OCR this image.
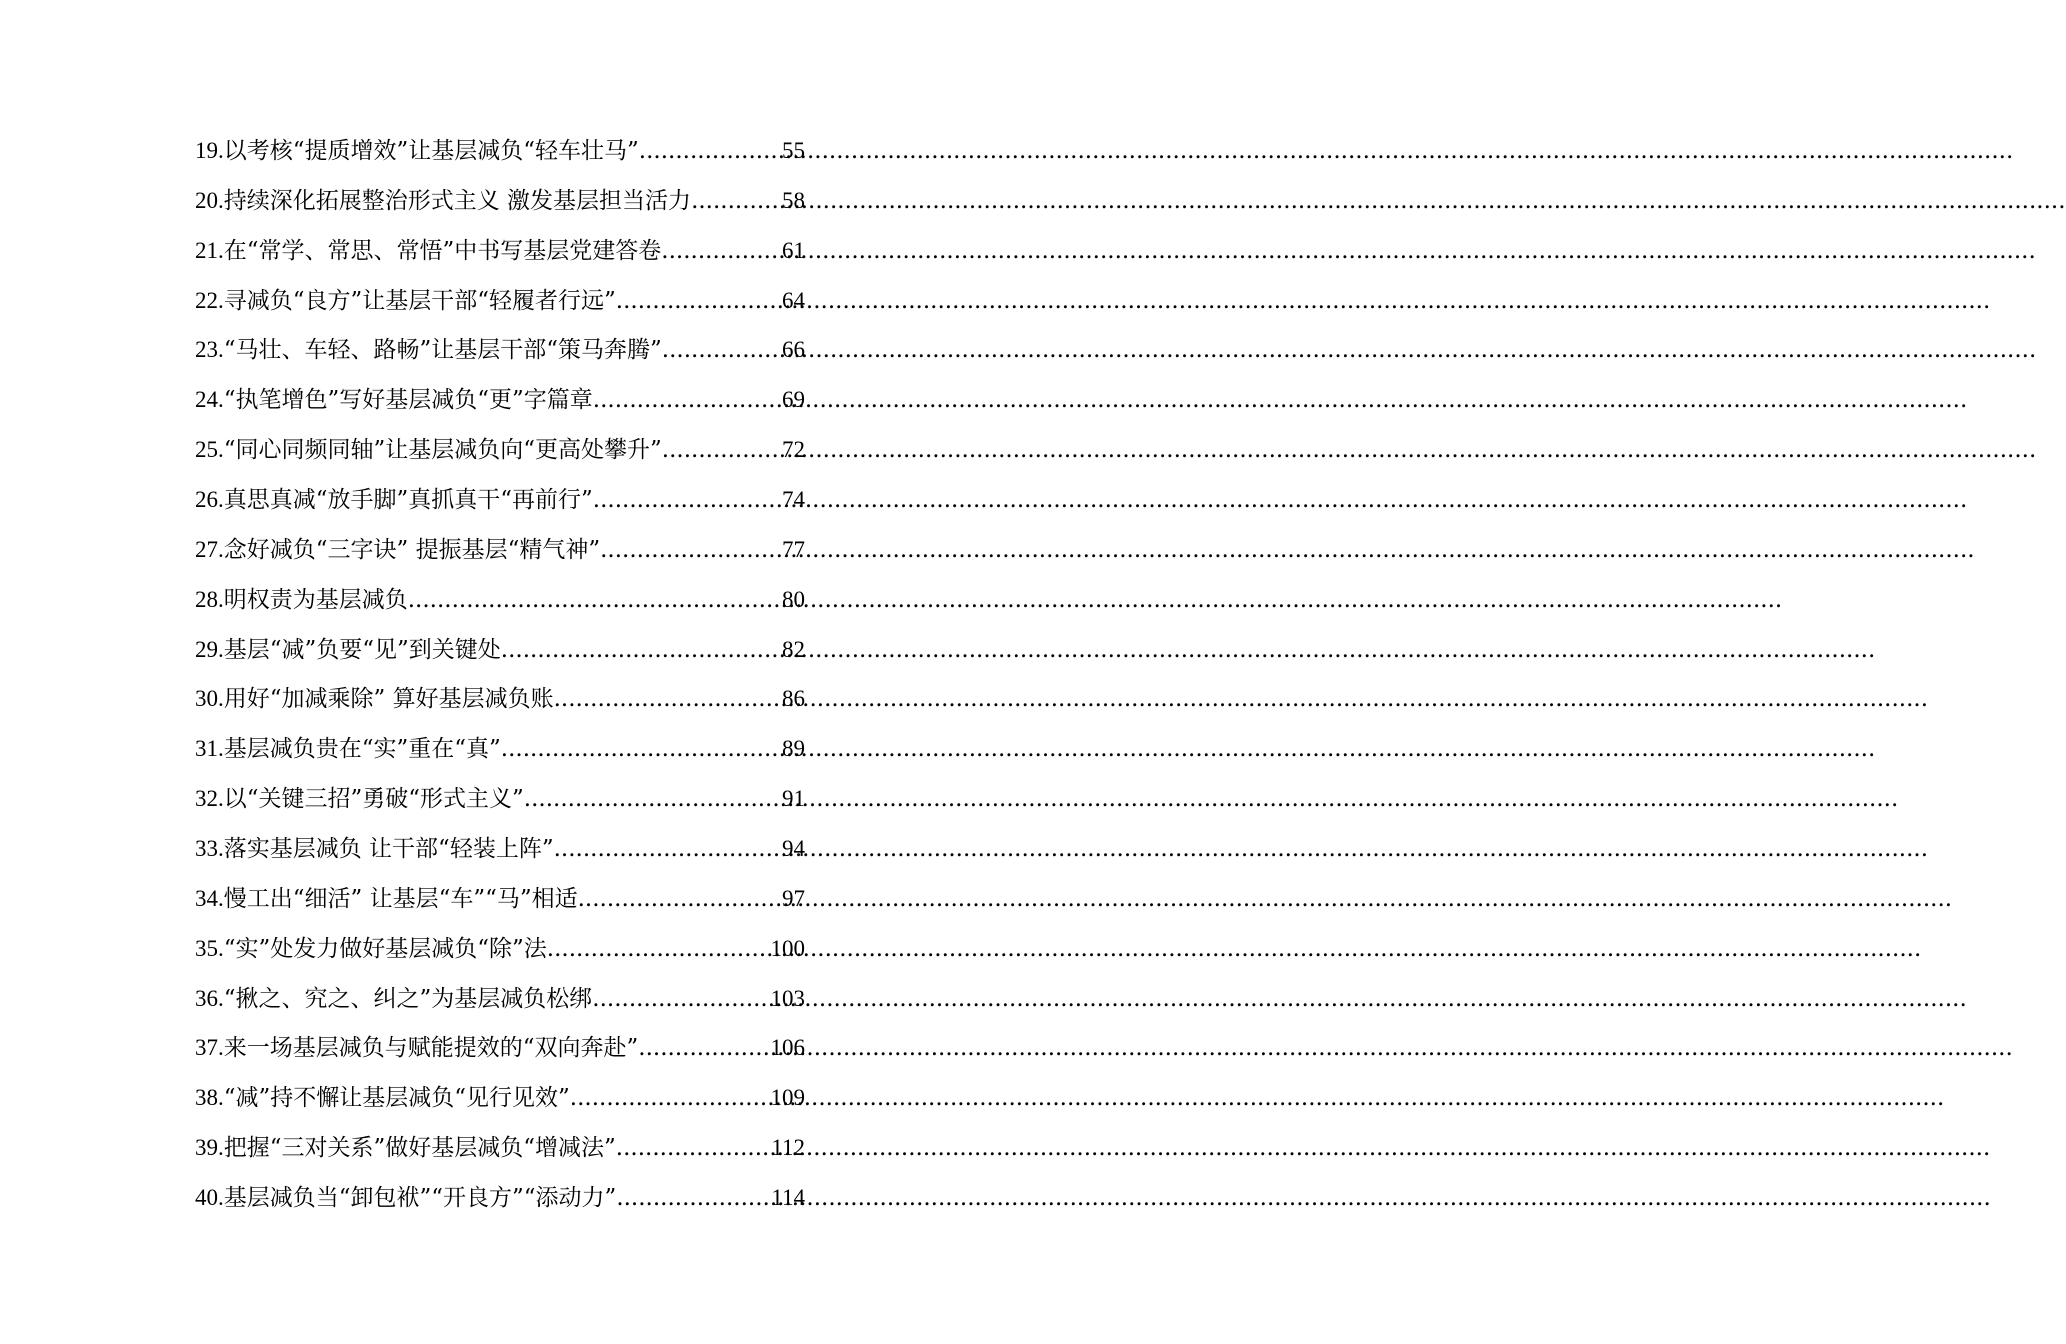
19.以考核“提质增效”让基层减负“轻车壮马” .....	55
20.持续深化拓展整治形式主义 激发基层担当活力 .....	58
21.在“常学、常思、常悟”中书写基层党建答卷 .....	61
22.寻减负“良方”让基层干部“轻履者行远” .....	64
23.“马壮、车轻、路畅”让基层干部“策马奔腾” .....	66
24.“执笔增色”写好基层减负“更”字篇章 .....	69
25.“同心同频同轴”让基层减负向“更高处攀升” .....	72
26.真思真减“放手脚”真抓真干“再前行” .....	74
27.念好减负“三字诀” 提振基层“精气神” .....	77
28.明权责为基层减负 .....	80
29.基层“减”负要“见”到关键处 .....	82
30.用好“加减乘除” 算好基层减负账 .....	86
31.基层减负贵在“实”重在“真” .....	89
32.以“关键三招”勇破“形式主义” .....	91
33.落实基层减负 让干部“轻装上阵” .....	94
34.慢工出“细活” 让基层“车”“马”相适 .....	97
35.“实”处发力做好基层减负“除”法 .....	100
36.“揪之、究之、纠之”为基层减负松绑 .....	103
37.来一场基层减负与赋能提效的“双向奔赴” .....	106
38.“减”持不懈让基层减负“见行见效” .....	109
39.把握“三对关系”做好基层减负“增减法” .....	112
40.基层减负当“卸包袱”“开良方”“添动力” .....	114
